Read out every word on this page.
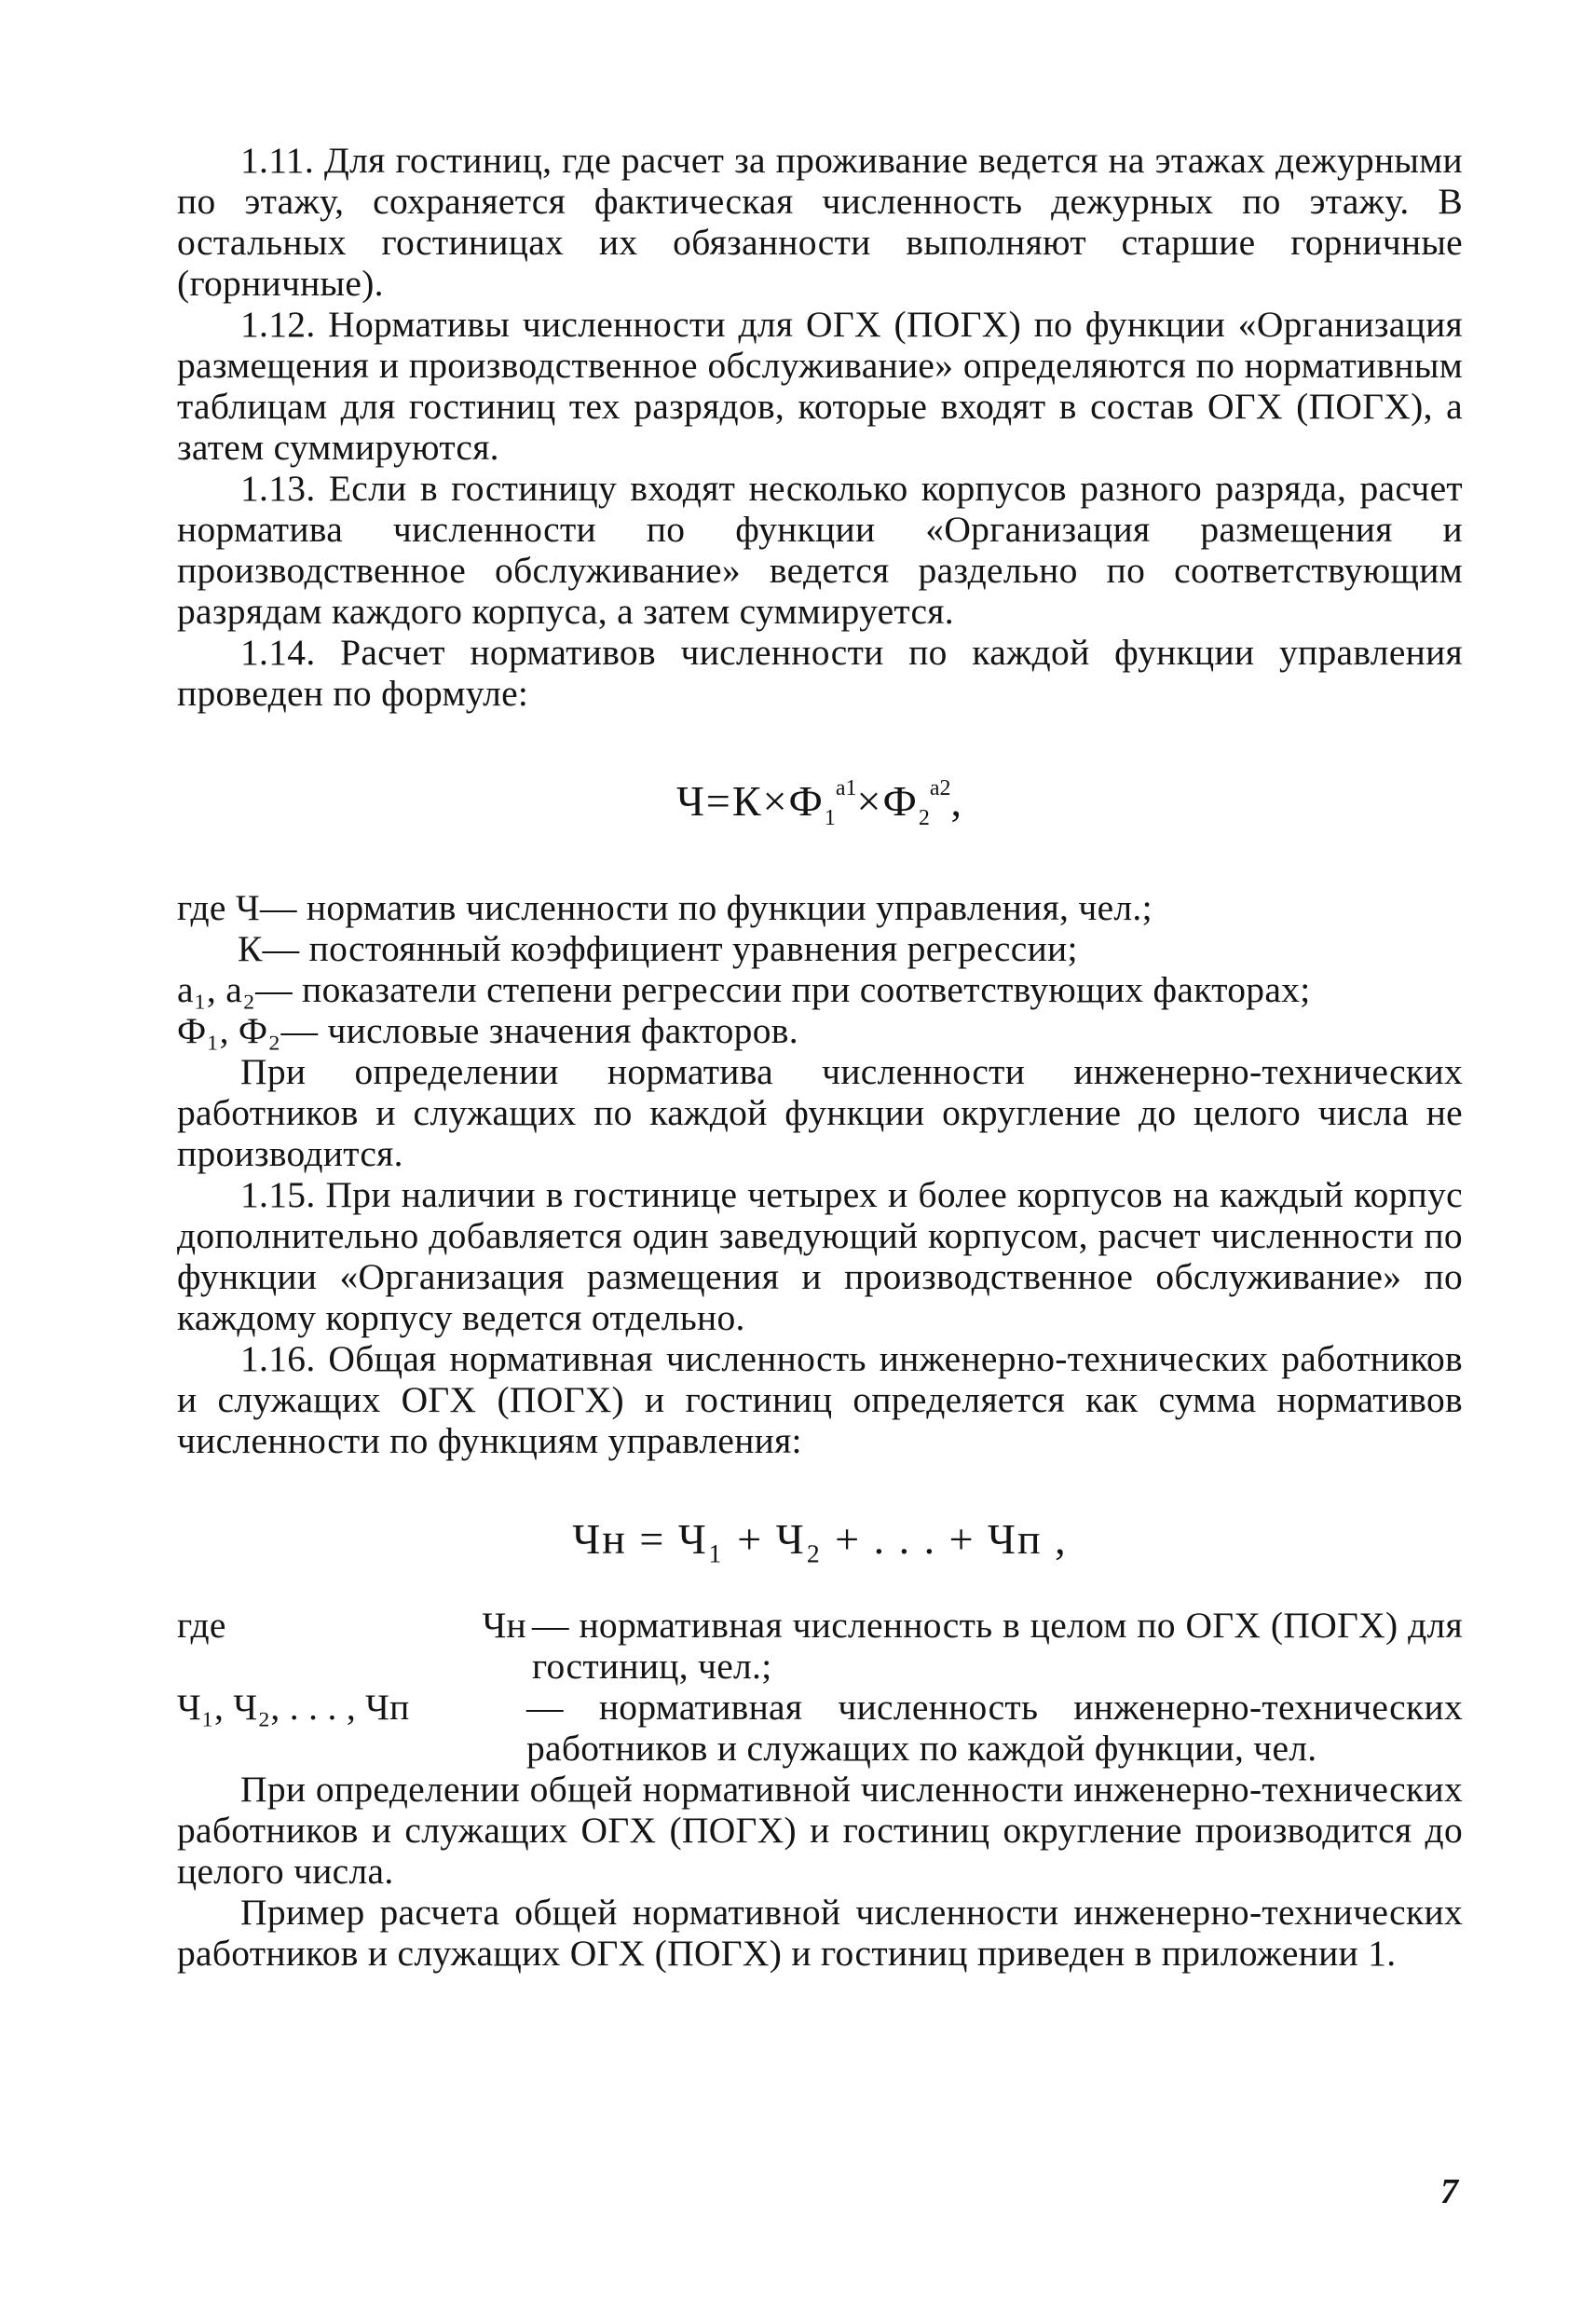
1.11. Для гостиниц, где расчет за проживание ведется на этажах дежурными по этажу, сохраняется фактическая численность дежурных по этажу. В остальных гостиницах их обязанности выполняют старшие горничные (горничные).

1.12. Нормативы численности для ОГХ (ПОГХ) по функции «Организация размещения и производственное обслуживание» определяются по нормативным таблицам для гостиниц тех разрядов, которые входят в состав ОГХ (ПОГХ), а затем суммируются.

1.13. Если в гостиницу входят несколько корпусов разного разряда, расчет норматива численности по функции «Организация размещения и производственное обслуживание» ведется раздельно по соответствующим разрядам каждого корпуса, а затем суммируется.

1.14. Расчет нормативов численности по каждой функции управления проведен по формуле:

$Ч=К\times Ф_1^{a1}\times Ф_2^{a2}$,
где Ч — норматив численности по функции управления, чел.;
К — постоянный коэффициент уравнения регрессии;
a₁, a₂ — показатели степени регрессии при соответствующих факторах;
Ф₁, Ф₂ — числовые значения факторов.

При определении норматива численности инженерно-технических работников и служащих по каждой функции округление до целого числа не производится.

1.15. При наличии в гостинице четырех и более корпусов на каждый корпус дополнительно добавляется один заведующий корпусом, расчет численности по функции «Организация размещения и производственное обслуживание» по каждому корпусу ведется отдельно.

1.16. Общая нормативная численность инженерно-технических работников и служащих ОГХ (ПОГХ) и гостиниц определяется как сумма нормативов численности по функциям управления:

Чн = Ч₁ + Ч₂ + . . . + Чп ,
где	Чн — нормативная численность в целом по ОГХ (ПОГХ) для гостиниц, чел.;
Ч₁, Ч₂, . . . , Чп	— нормативная численность инженерно-технических работников и служащих по каждой функции, чел.

При определении общей нормативной численности инженерно-технических работников и служащих ОГХ (ПОГХ) и гостиниц округление производится до целого числа.

Пример расчета общей нормативной численности инженерно-технических работников и служащих ОГХ (ПОГХ) и гостиниц приведен в приложении 1.

7
